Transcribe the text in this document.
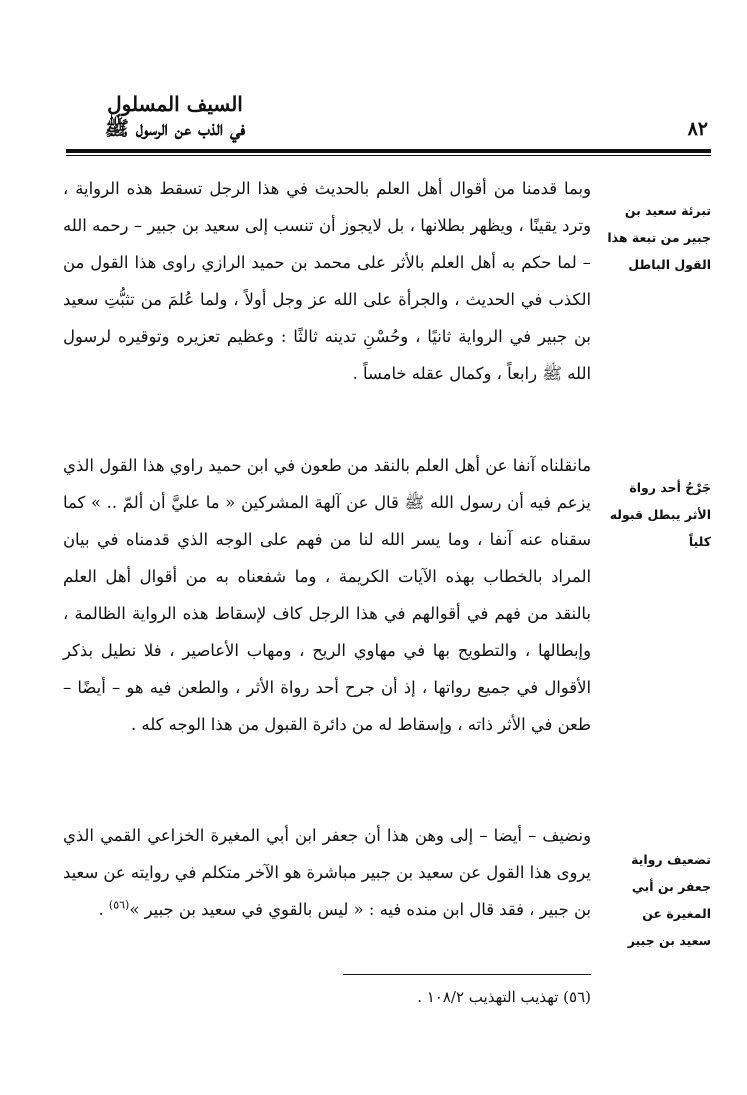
السيف المسلول
في الذب عن الرسول ﷺ	٨٢
تبرئة سعيد بن جبير من تبعة هذا القول الباطل

وبما قدمنا من أقوال أهل العلم بالحديث في هذا الرجل تسقط هذه الرواية ، وترد يقينًا ، ويظهر بطلانها ، بل لايجوز أن تنسب إلى سعيد بن جبير – رحمه الله – لما حكم به أهل العلم بالأثر على محمد بن حميد الرازي راوى هذا القول من الكذب في الحديث ، والجرأة على الله عز وجل أولاً ، ولما عُلمَ من تثبُّتِ سعيد بن جبير في الرواية ثانيًا ، وحُسْنِ تدينه ثالثًا : وعظيم تعزيره وتوقيره لرسول الله ﷺ رابعاً ، وكمال عقله خامساً .

جَرْحُ أحد رواة الأثر يبطل قبوله كلياً

مانقلناه آنفا عن أهل العلم بالنقد من طعون في ابن حميد راوي هذا القول الذي يزعم فيه أن رسول الله ﷺ قال عن آلهة المشركين « ما عليَّ أن ألمّ .. » كما سقناه عنه آنفا ، وما يسر الله لنا من فهم على الوجه الذي قدمناه في بيان المراد بالخطاب بهذه الآيات الكريمة ، وما شفعناه به من أقوال أهل العلم بالنقد من فهم في أقوالهم في هذا الرجل كاف لإسقاط هذه الرواية الظالمة ، وإبطالها ، والتطويح بها في مهاوي الريح ، ومهاب الأعاصير ، فلا نطيل بذكر الأقوال في جميع رواتها ، إذ أن جرح أحد رواة الأثر ، والطعن فيه هو – أيضًا – طعن في الأثر ذاته ، وإسقاط له من دائرة القبول من هذا الوجه كله .

تضعيف رواية جعفر بن أبي المغيرة عن سعيد بن جبير

ونضيف – أيضا – إلى وهن هذا أن جعفر ابن أبي المغيرة الخزاعي القمي الذي يروى هذا القول عن سعيد بن جبير مباشرة هو الآخر متكلم في روايته عن سعيد بن جبير ، فقد قال ابن منده فيه : « ليس بالقوي في سعيد بن جبير »$^{(٥٦)}$ .

(٥٦) تهذيب التهذيب ١٠٨/٢ .
